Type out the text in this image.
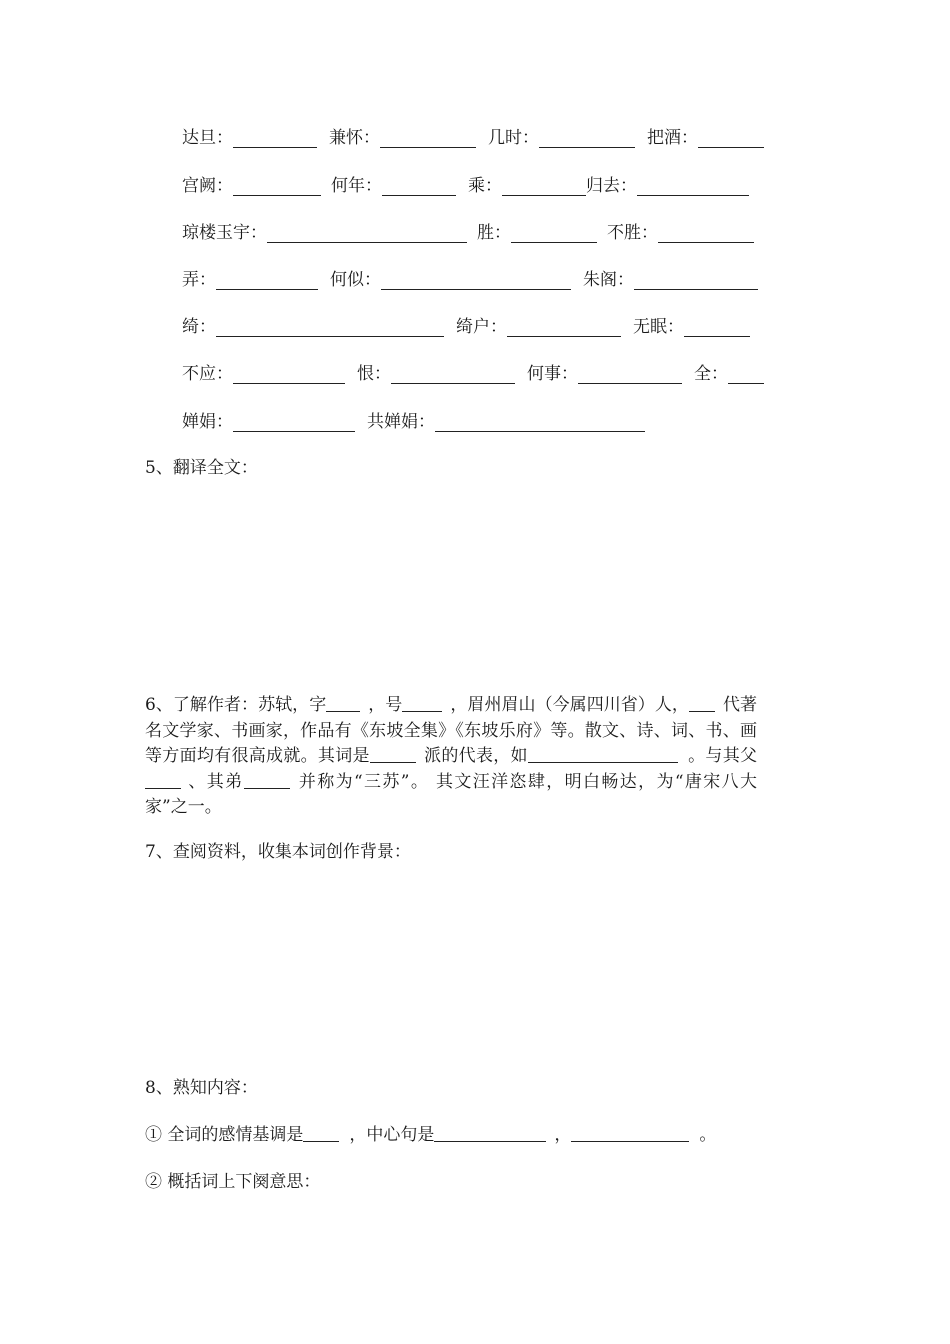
达旦：	兼怀：	几时：	把酒：
宫阙：	何年：	乘：	归去：
琼楼玉宇：	胜：	不胜：
弄：	何似：	朱阁：
绮：	绮户：	无眠：
不应：	恨：	何事：	全：
婵娟：	共婵娟：
5、翻译全文：
6、了解作者：苏轼，字 ，号	，眉州眉山（今属四川省）人， 代著名文学家、书画家，作品有《东坡全集》《东坡乐府》等。散文、诗、词、书、画等方面均有很高成就。其词是	派的代表，如	。与其父、其弟	并称为“三苏”。 其文汪洋恣肆，明白畅达，为“唐宋八大家”之一。
7、查阅资料，收集本词创作背景：
8、熟知内容：
① 全词的感情基调是	，中心句是	，	。
② 概括词上下阕意思：
